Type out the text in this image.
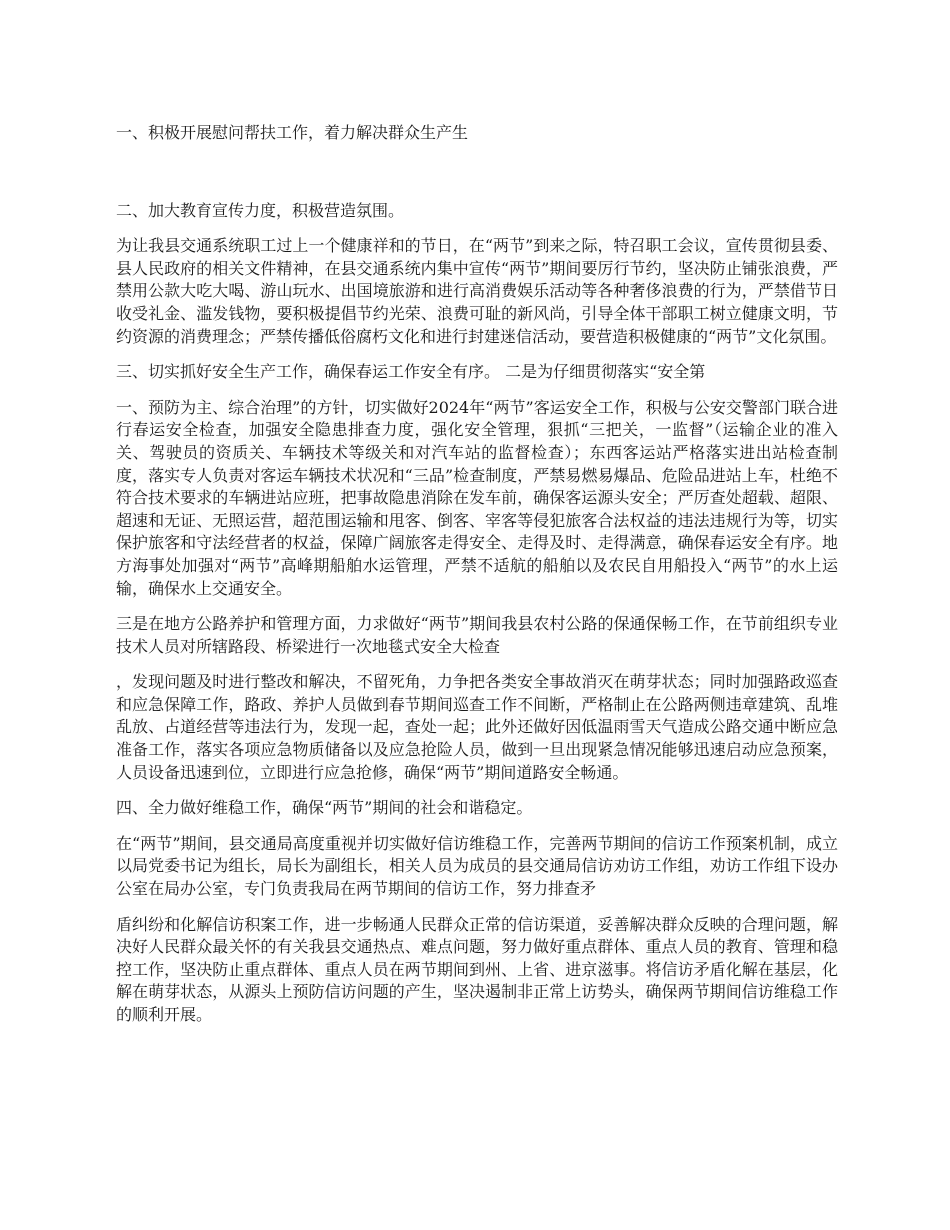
一、积极开展慰问帮扶工作，着力解决群众生产生

二、加大教育宣传力度，积极营造氛围。

为让我县交通系统职工过上一个健康祥和的节日，在“两节”到来之际，特召职工会议，宣传贯彻县委、县人民政府的相关文件精神，在县交通系统内集中宣传“两节”期间要厉行节约，坚决防止铺张浪费，严禁用公款大吃大喝、游山玩水、出国境旅游和进行高消费娱乐活动等各种奢侈浪费的行为，严禁借节日收受礼金、滥发钱物，要积极提倡节约光荣、浪费可耻的新风尚，引导全体干部职工树立健康文明，节约资源的消费理念；严禁传播低俗腐朽文化和进行封建迷信活动，要营造积极健康的“两节”文化氛围。

三、切实抓好安全生产工作，确保春运工作安全有序。 二是为仔细贯彻落实“安全第

一、预防为主、综合治理”的方针，切实做好2024年“两节”客运安全工作，积极与公安交警部门联合进行春运安全检查，加强安全隐患排查力度，强化安全管理，狠抓“三把关，一监督”（运输企业的准入关、驾驶员的资质关、车辆技术等级关和对汽车站的监督检查）；东西客运站严格落实进出站检查制度，落实专人负责对客运车辆技术状况和“三品”检查制度，严禁易燃易爆品、危险品进站上车，杜绝不符合技术要求的车辆进站应班，把事故隐患消除在发车前，确保客运源头安全；严厉查处超载、超限、超速和无证、无照运营，超范围运输和甩客、倒客、宰客等侵犯旅客合法权益的违法违规行为等，切实保护旅客和守法经营者的权益，保障广阔旅客走得安全、走得及时、走得满意，确保春运安全有序。地方海事处加强对“两节”高峰期船舶水运管理，严禁不适航的船舶以及农民自用船投入“两节”的水上运输，确保水上交通安全。

三是在地方公路养护和管理方面，力求做好“两节”期间我县农村公路的保通保畅工作，在节前组织专业技术人员对所辖路段、桥梁进行一次地毯式安全大检查

，发现问题及时进行整改和解决，不留死角，力争把各类安全事故消灭在萌芽状态；同时加强路政巡查和应急保障工作，路政、养护人员做到春节期间巡查工作不间断，严格制止在公路两侧违章建筑、乱堆乱放、占道经营等违法行为，发现一起，查处一起；此外还做好因低温雨雪天气造成公路交通中断应急准备工作，落实各项应急物质储备以及应急抢险人员，做到一旦出现紧急情况能够迅速启动应急预案，人员设备迅速到位，立即进行应急抢修，确保“两节”期间道路安全畅通。

四、全力做好维稳工作，确保“两节”期间的社会和谐稳定。

在“两节”期间，县交通局高度重视并切实做好信访维稳工作，完善两节期间的信访工作预案机制，成立以局党委书记为组长，局长为副组长，相关人员为成员的县交通局信访劝访工作组，劝访工作组下设办公室在局办公室，专门负责我局在两节期间的信访工作，努力排查矛

盾纠纷和化解信访积案工作，进一步畅通人民群众正常的信访渠道，妥善解决群众反映的合理问题，解决好人民群众最关怀的有关我县交通热点、难点问题，努力做好重点群体、重点人员的教育、管理和稳控工作，坚决防止重点群体、重点人员在两节期间到州、上省、进京滋事。将信访矛盾化解在基层，化解在萌芽状态，从源头上预防信访问题的产生，坚决遏制非正常上访势头，确保两节期间信访维稳工作的顺利开展。
